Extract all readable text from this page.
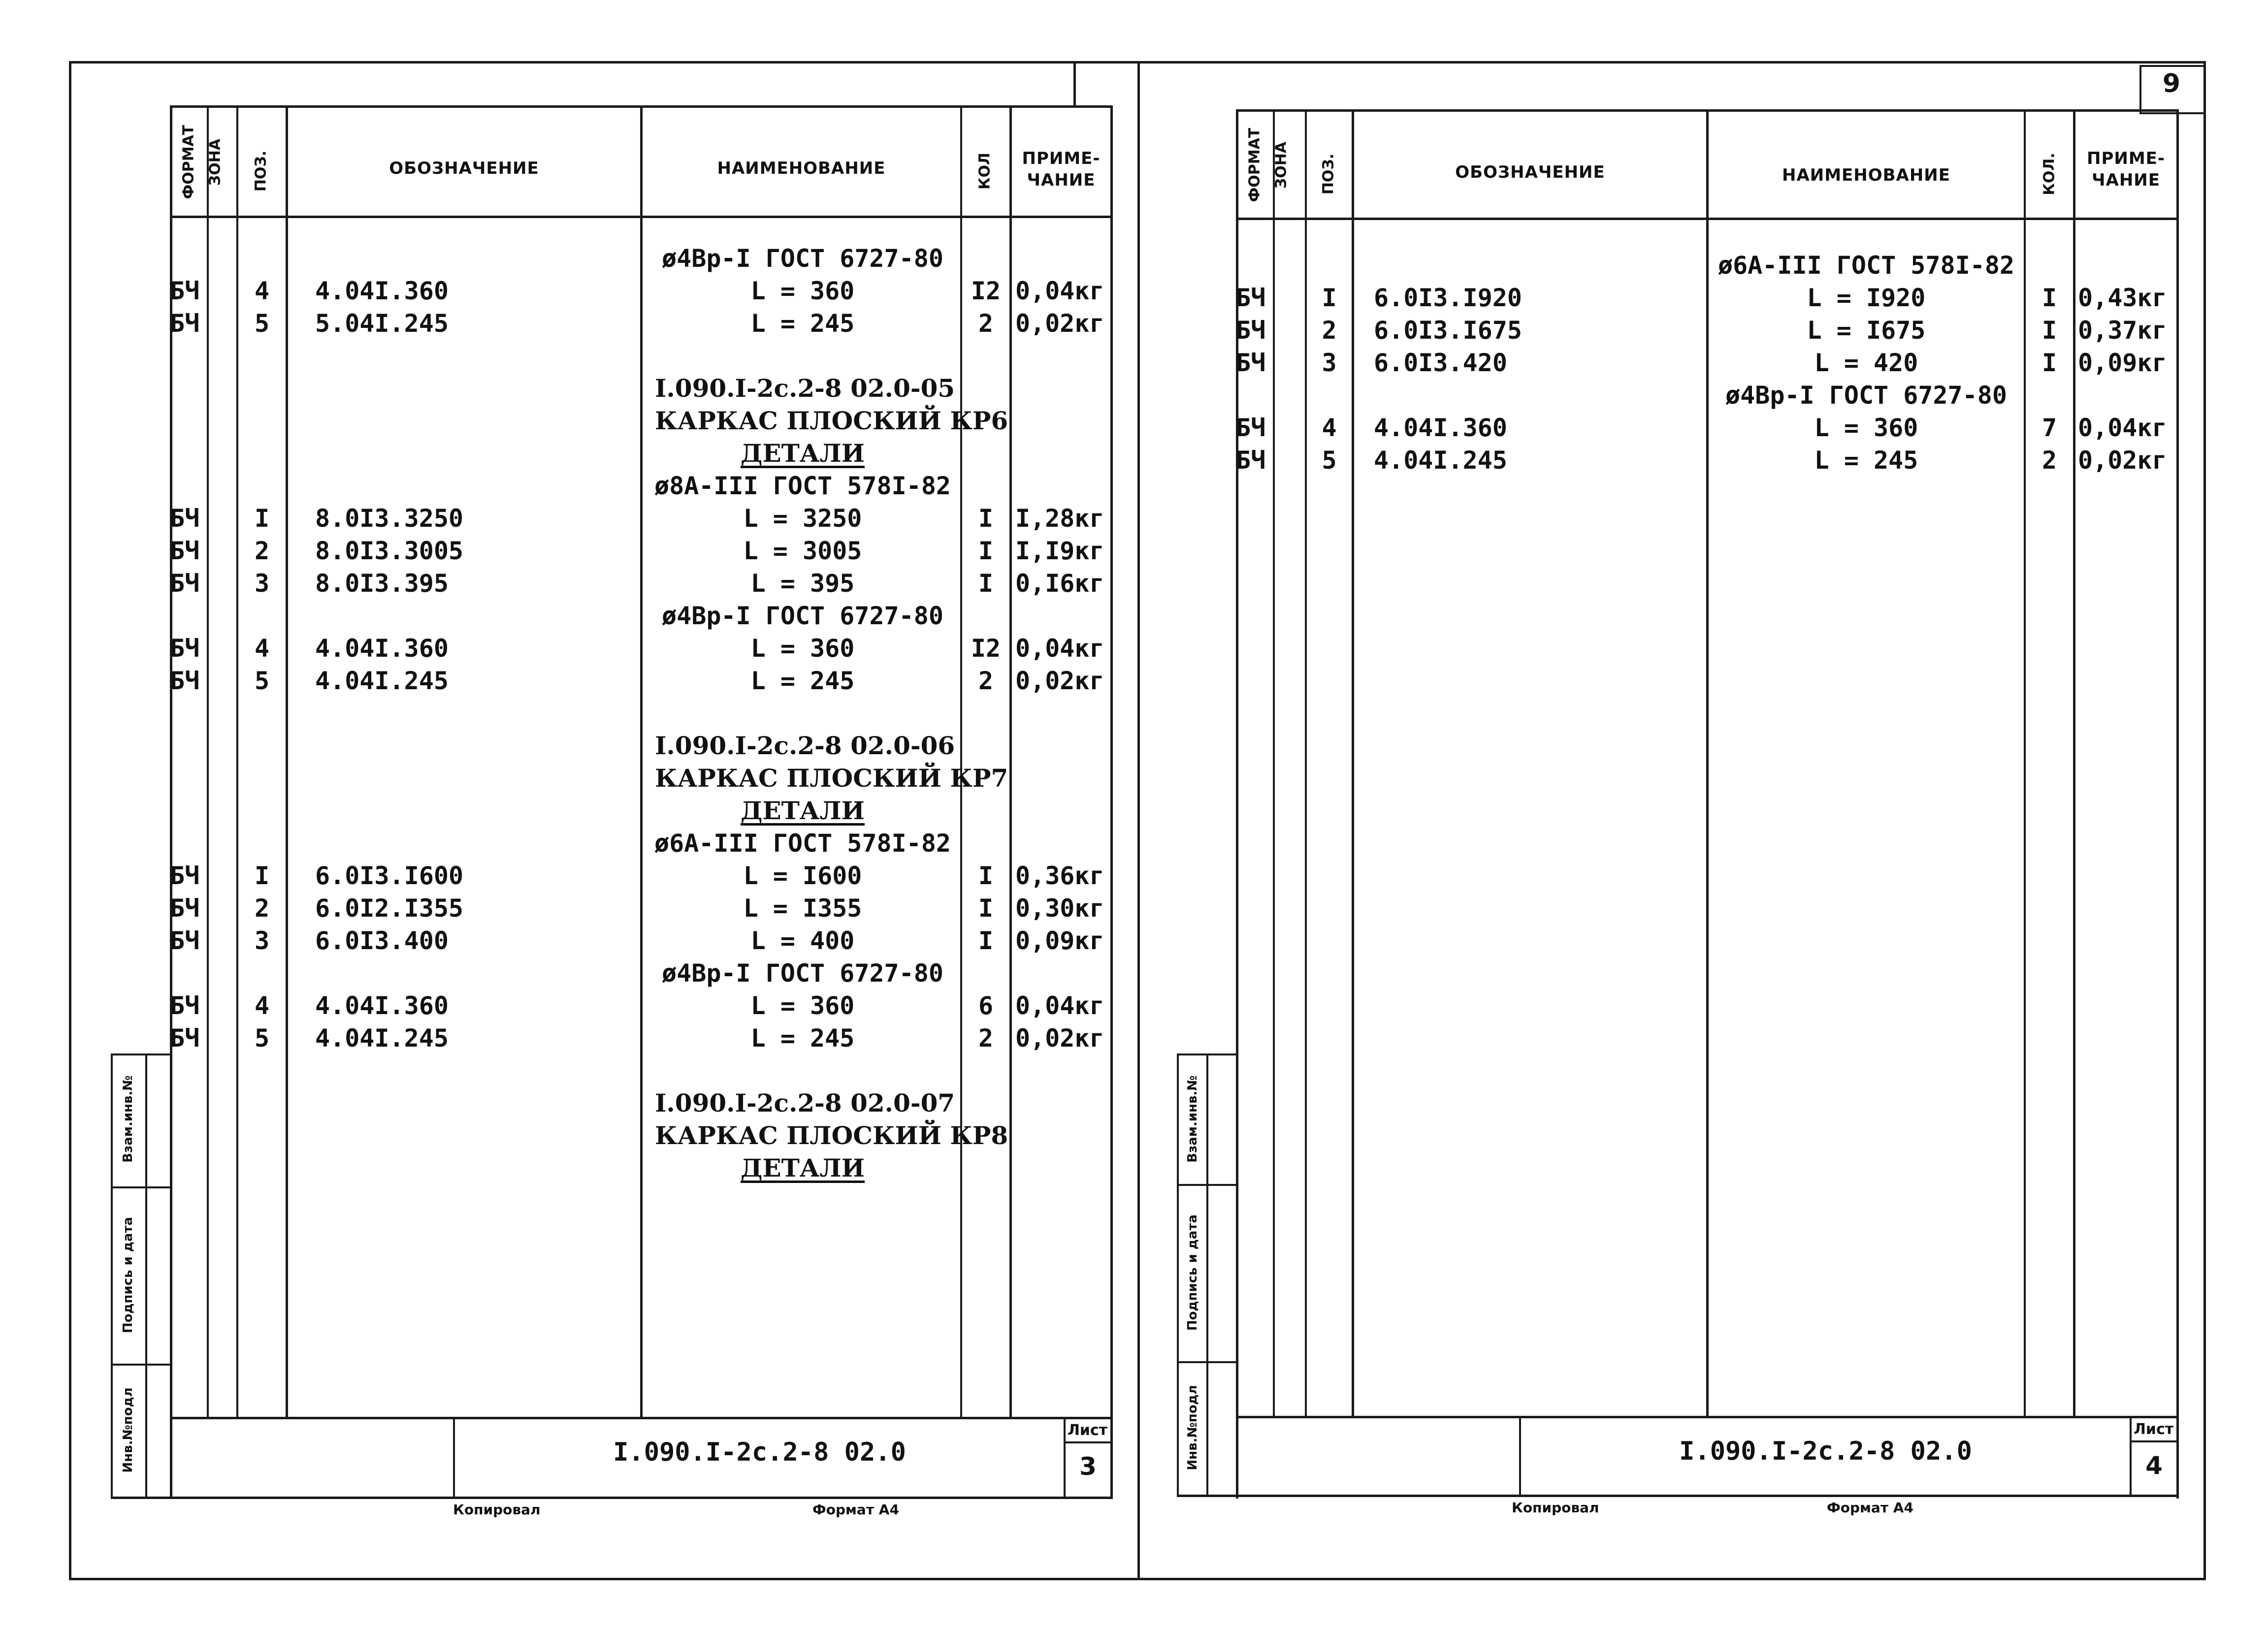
9
ФОРМАТ ЗОНА ПОЗ.	ОБОЗНАЧЕНИЕ	НАИМЕНОВАНИЕ	КОЛ	ПРИМЕ-
ЧАНИЕ
ø4Вр-I ГОСТ 6727-80
БЧ	4	4.04I.360	L = 360	I2 0,04кг
БЧ	5	5.04I.245	L = 245	2 0,02кг
I.090.I-2с.2-8 02.0-05
КАРКАС ПЛОСКИЙ КР6
ДЕТАЛИ
ø8А-III ГОСТ 578I-82
БЧ	I	8.0I3.3250	L = 3250	I I,28кг
БЧ	2	8.0I3.3005	L = 3005	I I,I9кг
БЧ	3	8.0I3.395	L = 395	I 0,I6кг
ø4Вр-I ГОСТ 6727-80
БЧ	4	4.04I.360	L = 360	I2 0,04кг
БЧ	5	4.04I.245	L = 245	2 0,02кг
I.090.I-2с.2-8 02.0-06
КАРКАС ПЛОСКИЙ КР7
ДЕТАЛИ
ø6А-III ГОСТ 578I-82
БЧ	I	6.0I3.I600	L = I600	I 0,36кг
БЧ	2	6.0I2.I355	L = I355	I 0,30кг
БЧ	3	6.0I3.400	L = 400	I 0,09кг
ø4Вр-I ГОСТ 6727-80
БЧ	4	4.04I.360	L = 360	6 0,04кг
БЧ	5	4.04I.245	L = 245	2 0,02кг
I.090.I-2с.2-8 02.0-07
КАРКАС ПЛОСКИЙ КР8
ДЕТАЛИ
I.090.I-2с.2-8 02.0
Лист
3
Взам.инв.№
Подпись и дата
Инв.№подл
Копировал	Формат А4
ФОРМАТ ЗОНА ПОЗ.	ОБОЗНАЧЕНИЕ	НАИМЕНОВАНИЕ	КОЛ.	ПРИМЕ-
ЧАНИЕ
ø6А-III ГОСТ 578I-82
БЧ	I	6.0I3.I920	L = I920	I 0,43кг
БЧ	2	6.0I3.I675	L = I675	I 0,37кг
БЧ	3	6.0I3.420	L = 420	I 0,09кг
ø4Вр-I ГОСТ 6727-80
БЧ	4	4.04I.360	L = 360	7 0,04кг
БЧ	5	4.04I.245	L = 245	2 0,02кг
I.090.I-2с.2-8 02.0
Лист
4
Взам.инв.№
Подпись и дата
Инв.№подл
Копировал	Формат А4
